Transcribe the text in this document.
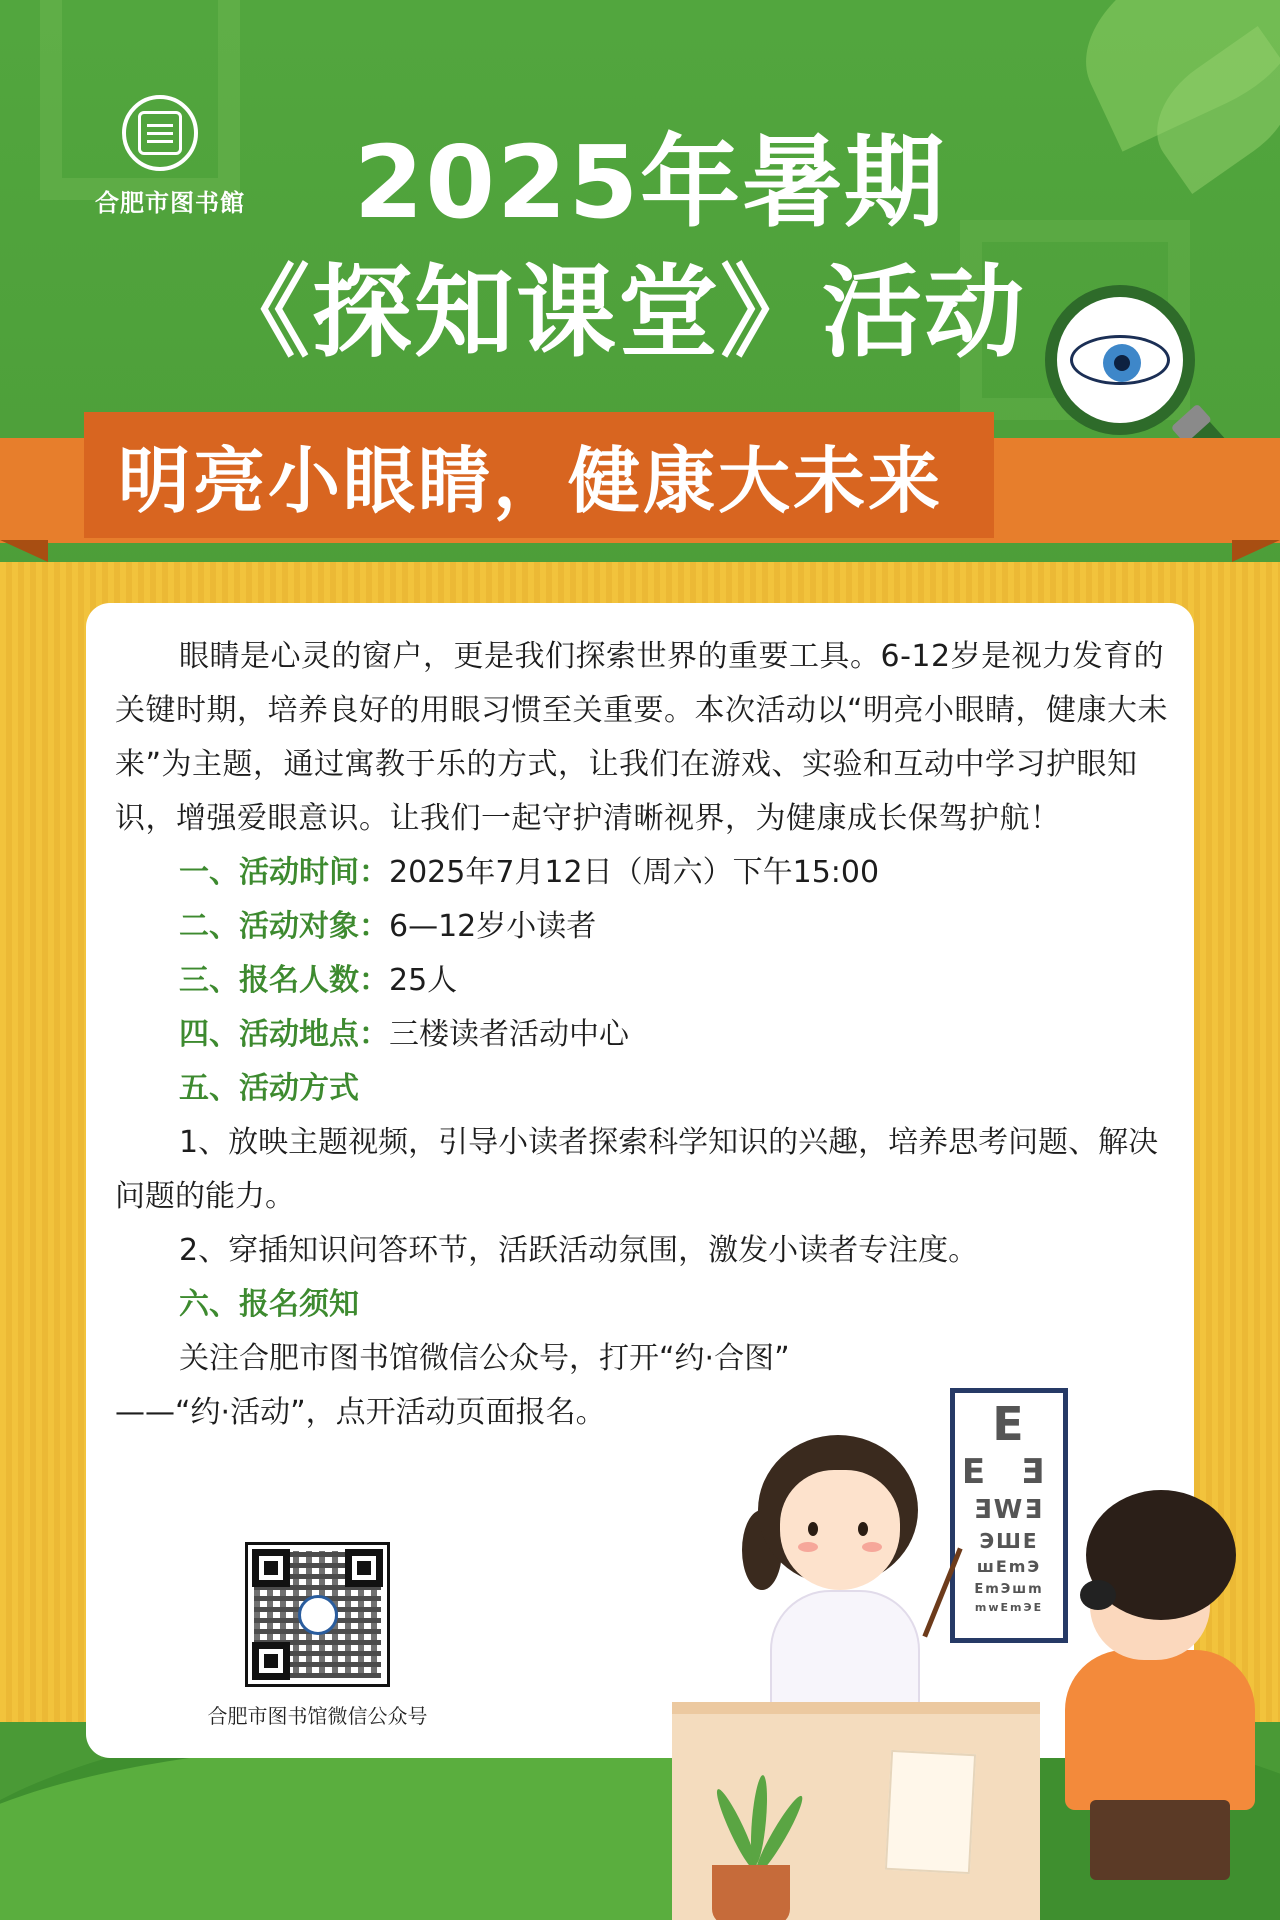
合肥市图书館	2025年暑期
《探知课堂》活动
明亮小眼睛，健康大未来

眼睛是心灵的窗户，更是我们探索世界的重要工具。6-12岁是视力发育的关键时期，培养良好的用眼习惯至关重要。本次活动以“明亮小眼睛，健康大未来”为主题，通过寓教于乐的方式，让我们在游戏、实验和互动中学习护眼知识，增强爱眼意识。让我们一起守护清晰视界，为健康成长保驾护航！

一、活动时间：2025年7月12日（周六）下午15:00
二、活动对象：6—12岁小读者
三、报名人数：25人
四、活动地点：三楼读者活动中心
五、活动方式

1、放映主题视频，引导小读者探索科学知识的兴趣，培养思考问题、解决问题的能力。

2、穿插知识问答环节，活跃活动氛围，激发小读者专注度。

六、报名须知
关注合肥市图书馆微信公众号，打开“约·合图”
——“约·活动”，点开活动页面报名。
合肥市图书馆微信公众号
E
E Ǝ
ƎWƎ
ЭШE
шEmЭ
EmЭшm
mwEmЭE
